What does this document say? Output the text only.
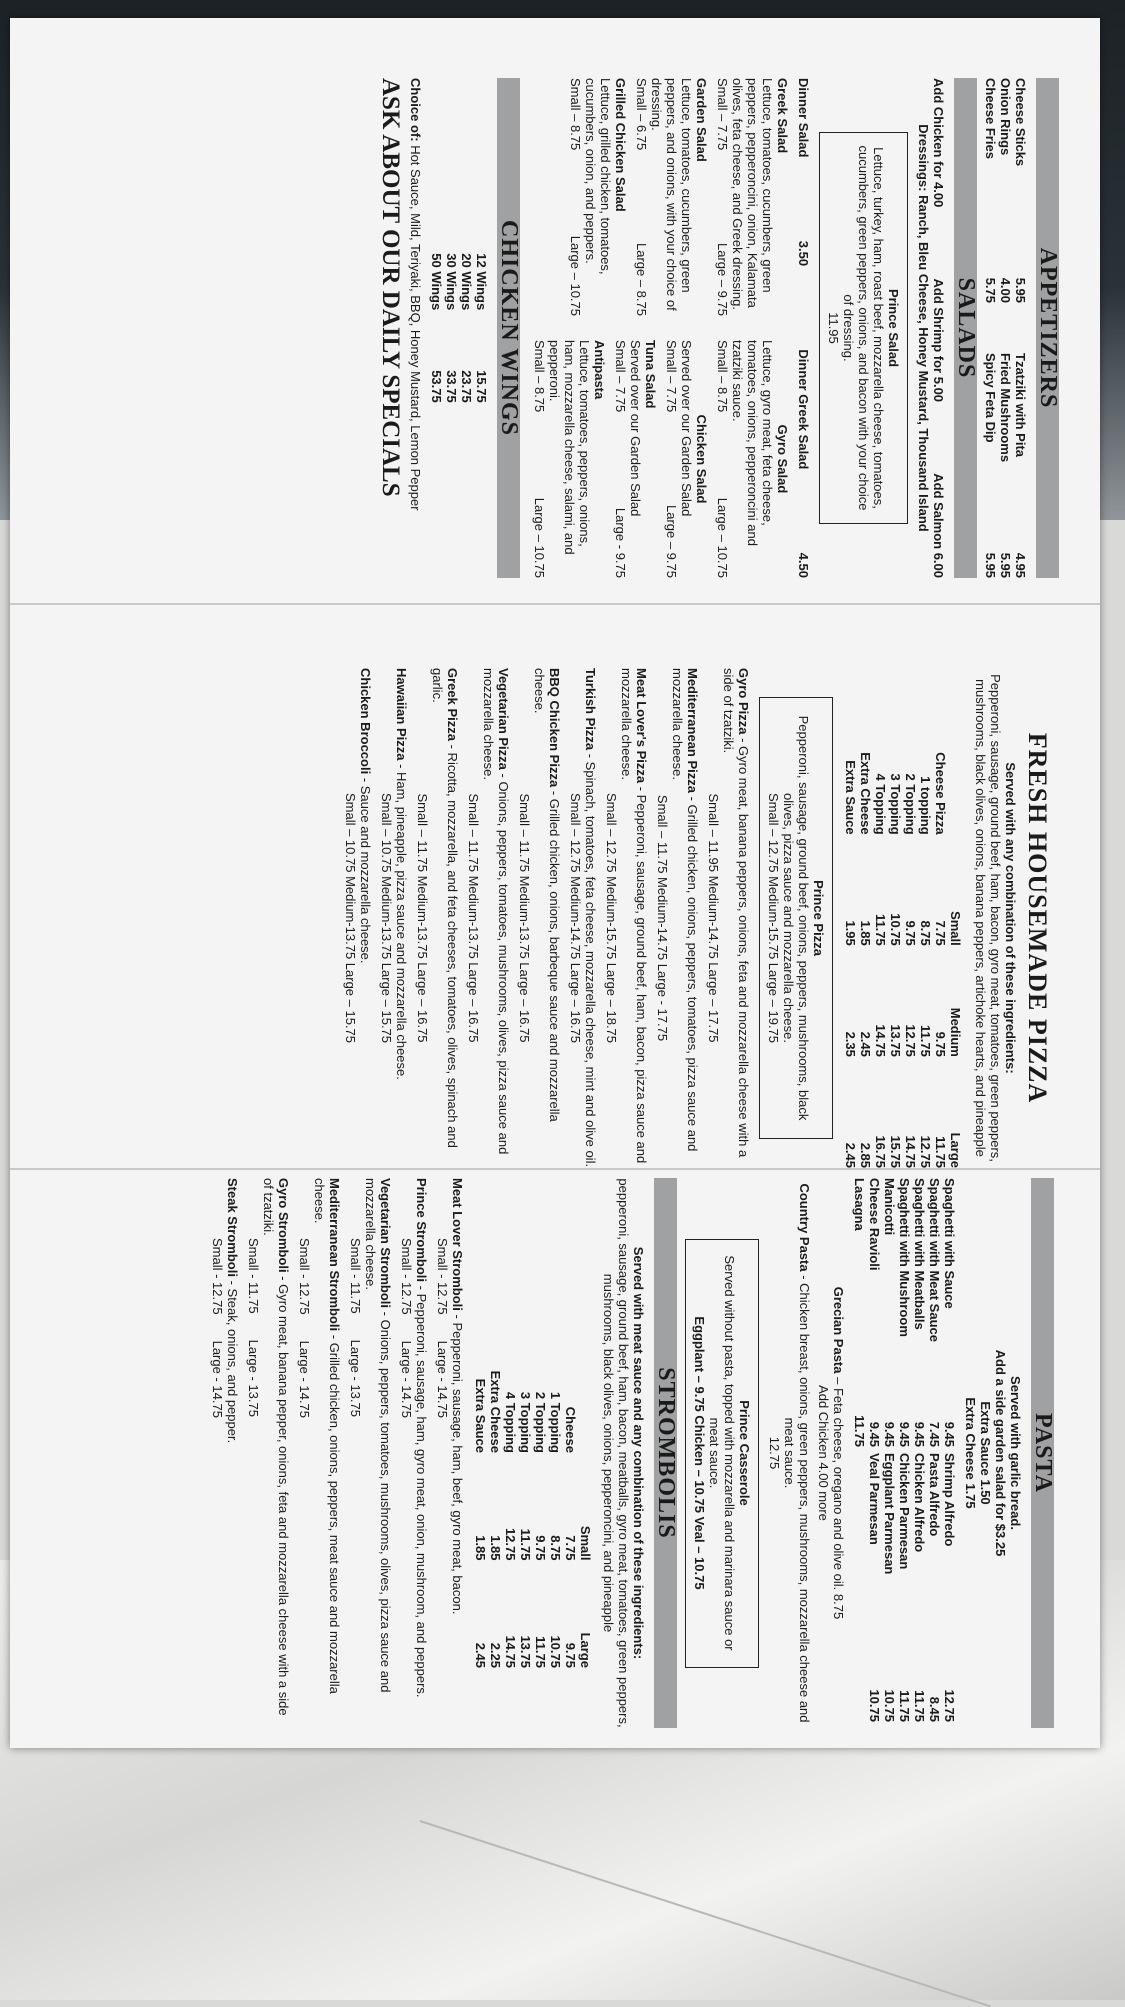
APPETIZERS
Cheese Sticks
5.95
Onion Rings
4.00
Cheese Fries
5.75
Tzatziki with Pita
4.95
Fried Mushrooms
5.95
Spicy Feta Dip
5.95
SALADS
Add Chicken for 4.00
Add Shrimp for 5.00
Add Salmon 6.00
Dressings: Ranch, Bleu Cheese, Honey Mustard, Thousand Island
Prince Salad
Lettuce, turkey, ham, roast beef, mozzarella cheese, tomatoes, cucumbers, green peppers, onions, and bacon with your choice of dressing.
11.95
Dinner Salad
3.50
Dinner Greek Salad
4.50
Greek Salad
Lettuce, tomatoes, cucumbers, green peppers, pepperoncini, onion, Kalamata olives, feta cheese, and Greek dressing.
Small – 7.75
Large – 9.75
Garden Salad
Lettuce, tomatoes, cucumbers, green peppers, and onions, with your choice of dressing.
Small – 6.75
Large – 8.75
Grilled Chicken Salad
Lettuce, grilled chicken, tomatoes, cucumbers, onion, and peppers.
Small – 8.75
Large – 10.75
Gyro Salad
Lettuce, gyro meat, feta cheese, tomatoes, onions, pepperoncini and tzatziki sauce.
Small – 8.75
Large – 10.75
Chicken Salad
Served over our Garden Salad
Small – 7.75
Large – 9.75
Tuna Salad
Served over our Garden Salad
Small – 7.75
Large - 9.75
Antipasta
Lettuce, tomatoes, peppers, onions, ham, mozzarella cheese, salami, and pepperoni.
Small – 8.75
Large – 10.75
CHICKEN WINGS
12 Wings
20 Wings
30 Wings
50 Wings
15.75
23.75
33.75
53.75
Choice of: Hot Sauce, Mild, Teriyaki, BBQ, Honey Mustard, Lemon Pepper
ASK ABOUT OUR DAILY SPECIALS
FRESH HOUSEMADE PIZZA
Served with any combination of these ingredients:
Pepperoni, sausage, ground beef, ham, bacon, gyro meat, tomatoes, green peppers, mushrooms, black olives, onions, banana peppers, artichoke hearts, and pineapple
Small
Medium
Large
Cheese Pizza
7.75
9.75
11.75
1 topping
8.75
11.75
12.75
2 Topping
9.75
12.75
14.75
3 Topping
10.75
13.75
15.75
4 Topping
11.75
14.75
16.75
Extra Cheese
1.85
2.45
2.85
Extra Sauce
1.95
2.35
2.45
Prince Pizza
Pepperoni, sausage, ground beef, onions, peppers, mushrooms, black olives, pizza sauce and mozzarella cheese.
Small – 12.75 Medium-15.75 Large – 19.75
Gyro Pizza - Gyro meat, banana peppers, onions, feta and mozzarella cheese with a side of tzatziki.
Small – 11.95 Medium-14.75 Large – 17.75
Mediterranean Pizza - Grilled chicken, onions, peppers, tomatoes, pizza sauce and mozzarella cheese.
Small – 11.75 Medium-14.75 Large - 17.75
Meat Lover's Pizza - Pepperoni, sausage, ground beef, ham, bacon, pizza sauce and mozzarella cheese.
Small – 12.75 Medium-15.75 Large – 18.75
Turkish Pizza - Spinach, tomatoes, feta cheese, mozzarella cheese, mint and olive oil.
Small – 12.75 Medium-14.75 Large – 16.75
BBQ Chicken Pizza - Grilled chicken, onions, barbeque sauce and mozzarella cheese.
Small – 11.75 Medium-13.75 Large – 16.75
Vegetarian Pizza - Onions, peppers, tomatoes, mushrooms, olives, pizza sauce and mozzarella cheese.
Small – 11.75 Medium-13.75 Large – 16.75
Greek Pizza - Ricotta, mozzarella, and feta cheeses, tomatoes, olives, spinach and garlic.
Small – 11.75 Medium-13.75 Large – 16.75
Hawaiian Pizza - Ham, pineapple, pizza sauce and mozzarella cheese.
Small – 10.75 Medium-13.75 Large – 15.75
Chicken Broccoli - Sauce and mozzarella cheese.
Small – 10.75 Medium-13.75 Large – 15.75
PASTA
Served with garlic bread.
Add a side garden salad for $3.25
Extra Sauce 1.50
Extra Cheese 1.75
Spaghetti with Sauce
9.45
Shrimp Alfredo
12.75
Spaghetti with Meat Sauce
7.45
Pasta Alfredo
8.45
Spaghetti with Meatballs
9.45
Chicken Alfredo
11.75
Spaghetti with Mushroom
9.45
Chicken Parmesan
11.75
Manicotti
9.45
Eggplant Parmesan
10.75
Cheese Ravioli
9.45
Veal Parmesan
10.75
Lasagna
11.75
Grecian Pasta – Feta cheese, oregano and olive oil. 8.75
Add Chicken 4.00 more
Country Pasta - Chicken breast, onions, green peppers, mushrooms, mozzarella cheese and meat sauce.
12.75
Prince Casserole
Served without pasta, topped with mozzarella and marinara sauce or meat sauce.
Eggplant – 9.75 Chicken – 10.75 Veal – 10.75
STROMBOLIS
Served with meat sauce and any combination of these ingredients:
pepperoni, sausage, ground beef, ham, bacon, meatballs, gyro meat, tomatoes, green peppers, mushrooms, black olives, onions, pepperoncini, and pineapple
Small
Large
Cheese
7.75
9.75
1 Topping
8.75
10.75
2 Topping
9.75
11.75
3 Topping
11.75
13.75
4 Topping
12.75
14.75
Extra Cheese
1.85
2.25
Extra Sauce
1.85
2.45
Meat Lover Stromboli - Pepperoni, sausage, ham, beef, gyro meat, bacon.
Small - 12.75
Large - 14.75
Prince Stromboli - Pepperoni, sausage, ham, gyro meat, onion, mushroom, and peppers.
Small - 12.75
Large - 14.75
Vegetarian Stromboli - Onions, peppers, tomatoes, mushrooms, olives, pizza sauce and mozzarella cheese.
Small - 11.75
Large - 13.75
Mediterranean Stromboli - Grilled chicken, onions, peppers, meat sauce and mozzarella cheese.
Small - 12.75
Large - 14.75
Gyro Stromboli - Gyro meat, banana pepper, onions, feta and mozzarella cheese with a side of tzatziki.
Small - 11.75
Large - 13.75
Steak Stromboli - Steak, onions, and pepper.
Small - 12.75
Large - 14.75
